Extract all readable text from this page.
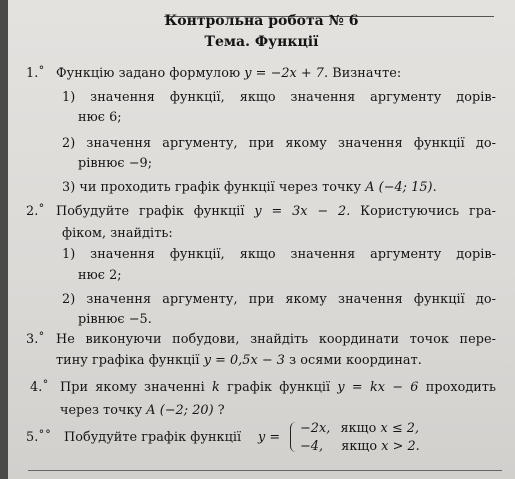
Контрольна робота № 6
Тема. Функції
1.˚ Функцію задано формулою y = −2x + 7. Визначте:
1) значення функції, якщо значення аргументу дорів-
нює 6;
2) значення аргументу, при якому значення функції до-
рівнює −9;
3) чи проходить графік функції через точку A (−4; 15).
2.˚ Побудуйте графік функції y = 3x − 2. Користуючись гра-
фіком, знайдіть:
1) значення функції, якщо значення аргументу дорів-
нює 2;
2) значення аргументу, при якому значення функції до-
рівнює −5.
3.˚ Не виконуючи побудови, знайдіть координати точок пере-
тину графіка функції y = 0,5x − 3 з осями координат.
4.˚ При якому значенні k графік функції y = kx − 6 проходить
через точку A (−2; 20) ?
5.˚˚ Побудуйте графік функції y =
−2x, якщо x ≤ 2,
−4, якщо x > 2.
